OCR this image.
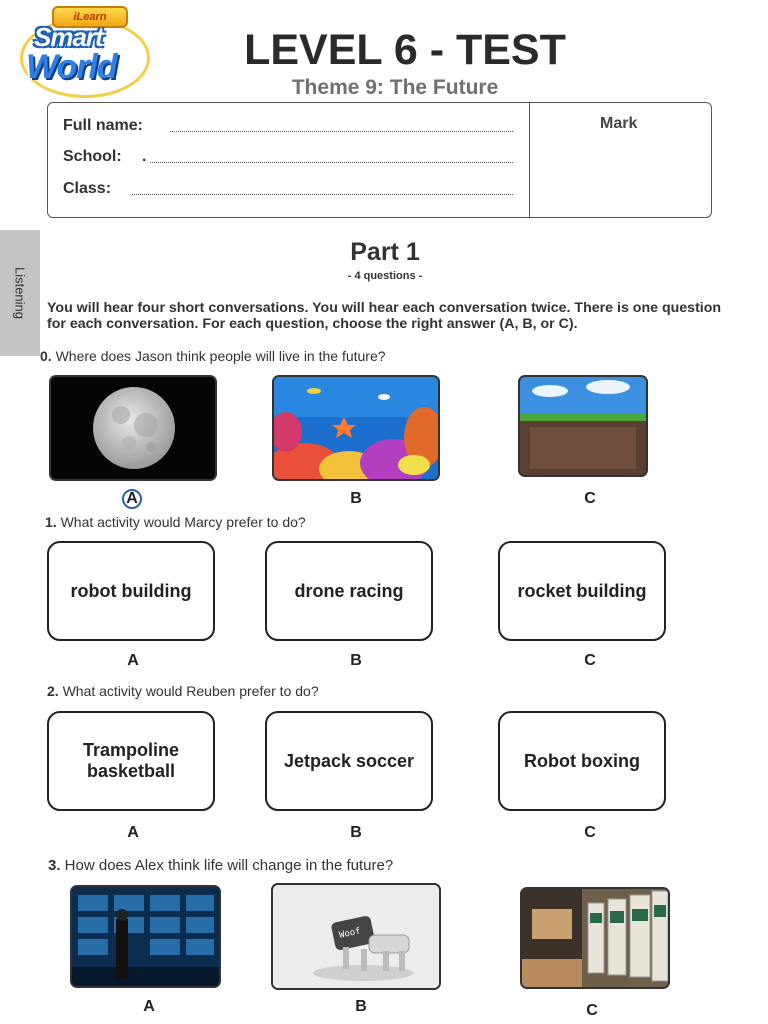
iLearn
Smart
World	LEVEL 6 - TEST
Theme 9: The Future
Full name:
School: .
Class:
Mark
Listening
Part 1
- 4 questions -
You will hear four short conversations. You will hear each conversation twice. There is one question for each conversation. For each question, choose the right answer (A, B, or C).
0. Where does Jason think people will live in the future?
A	B	C
1. What activity would Marcy prefer to do?
robot building	drone racing	rocket building
A	B	C
2. What activity would Reuben prefer to do?
Trampoline basketball
Jetpack soccer	Robot boxing
A	B	C
3. How does Alex think life will change in the future?
Woof
A	B	C
